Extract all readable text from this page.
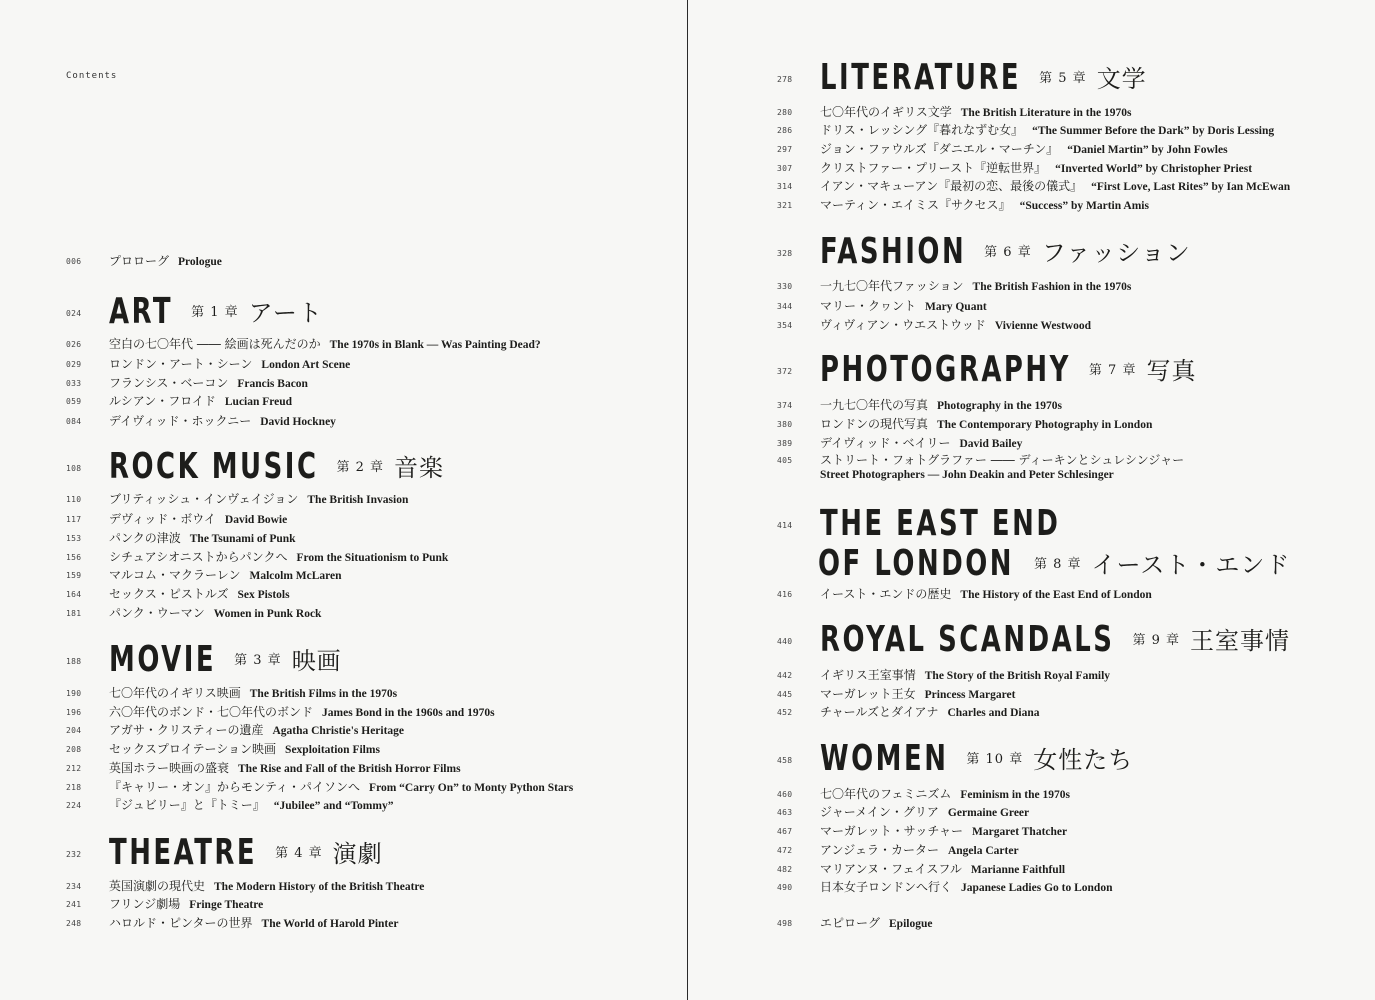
Contents
006 プロローグ Prologue
024 ART	第 1 章 アート
026 空白の七〇年代 ―― 絵画は死んだのか The 1970s in Blank — Was Painting Dead?
029 ロンドン・アート・シーン London Art Scene
033 フランシス・ベーコン Francis Bacon
059 ルシアン・フロイド Lucian Freud
084 デイヴィッド・ホックニー David Hockney
108 ROCK MUSIC	第 2 章 音楽
110 ブリティッシュ・インヴェイジョン The British Invasion
117 デヴィッド・ボウイ David Bowie
153 パンクの津波 The Tsunami of Punk
156 シチュアシオニストからパンクへ From the Situationism to Punk
159 マルコム・マクラーレン Malcolm McLaren
164 セックス・ピストルズ Sex Pistols
181 パンク・ウーマン Women in Punk Rock
188 MOVIE	第 3 章 映画
190 七〇年代のイギリス映画 The British Films in the 1970s
196 六〇年代のボンド・七〇年代のボンド James Bond in the 1960s and 1970s
204 アガサ・クリスティーの遺産 Agatha Christie's Heritage
208 セックスプロイテーション映画 Sexploitation Films
212 英国ホラー映画の盛衰 The Rise and Fall of the British Horror Films
218 『キャリー・オン』からモンティ・パイソンへ From “Carry On” to Monty Python Stars
224 『ジュビリー』と『トミー』 “Jubilee” and “Tommy”
232 THEATRE	第 4 章 演劇
234 英国演劇の現代史 The Modern History of the British Theatre
241 フリンジ劇場 Fringe Theatre
248 ハロルド・ピンターの世界 The World of Harold Pinter
278 LITERATURE	第 5 章 文学
280 七〇年代のイギリス文学 The British Literature in the 1970s
286 ドリス・レッシング『暮れなずむ女』 “The Summer Before the Dark” by Doris Lessing
297 ジョン・ファウルズ『ダニエル・マーチン』 “Daniel Martin” by John Fowles
307 クリストファー・プリースト『逆転世界』 “Inverted World” by Christopher Priest
314 イアン・マキューアン『最初の恋、最後の儀式』 “First Love, Last Rites” by Ian McEwan
321 マーティン・エイミス『サクセス』 “Success” by Martin Amis
328 FASHION	第 6 章 ファッション
330 一九七〇年代ファッション The British Fashion in the 1970s
344 マリー・クヮント Mary Quant
354 ヴィヴィアン・ウエストウッド Vivienne Westwood
372 PHOTOGRAPHY	第 7 章 写真
374 一九七〇年代の写真 Photography in the 1970s
380 ロンドンの現代写真 The Contemporary Photography in London
389 デイヴィッド・ベイリー David Bailey
405 ストリート・フォトグラファー ―― ディーキンとシュレシンジャー
Street Photographers — John Deakin and Peter Schlesinger
414 THE EAST END
OF LONDON	第 8 章 イースト・エンド
416 イースト・エンドの歴史 The History of the East End of London
440 ROYAL SCANDALS	第 9 章 王室事情
442 イギリス王室事情 The Story of the British Royal Family
445 マーガレット王女 Princess Margaret
452 チャールズとダイアナ Charles and Diana
458 WOMEN	第 10 章 女性たち
460 七〇年代のフェミニズム Feminism in the 1970s
463 ジャーメイン・グリア Germaine Greer
467 マーガレット・サッチャー Margaret Thatcher
472 アンジェラ・カーター Angela Carter
482 マリアンヌ・フェイスフル Marianne Faithfull
490 日本女子ロンドンへ行く Japanese Ladies Go to London
498 エピローグ Epilogue
